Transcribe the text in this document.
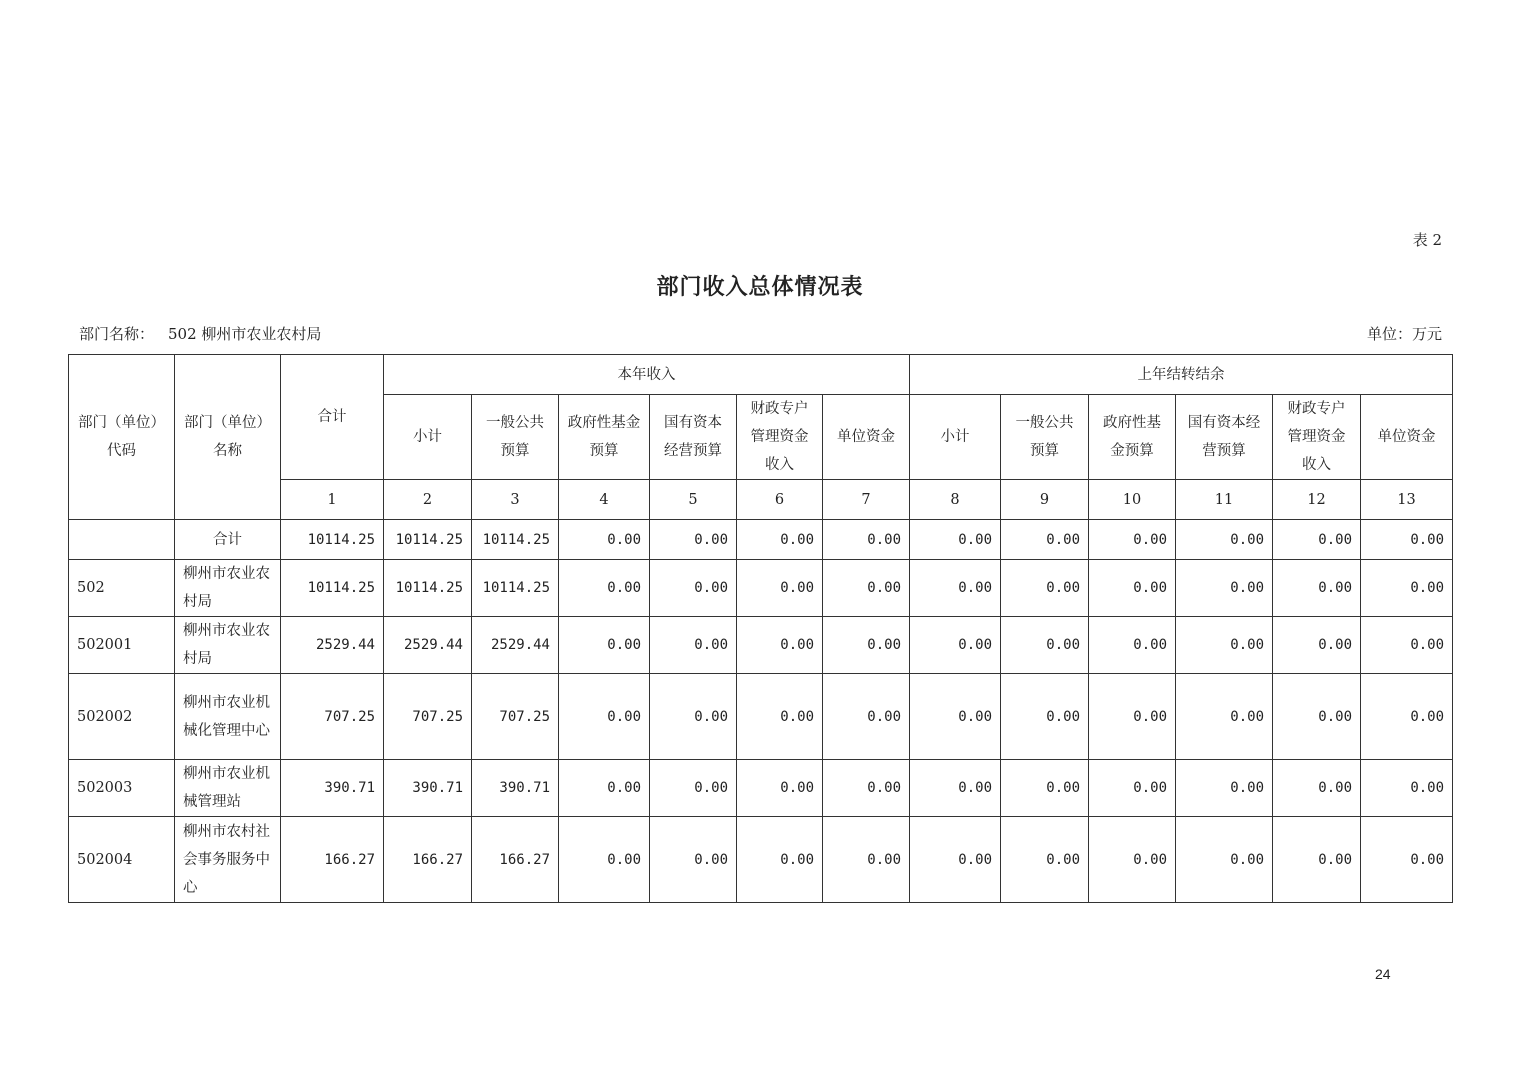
表 2
部门收入总体情况表
部门名称： 502 柳州市农业农村局	单位：万元
部门（单位）代码	部门（单位）名称	合计	本年收入						上年结转结余					
			小计	一般公共预算	政府性基金预算	国有资本经营预算	财政专户管理资金收入	单位资金	小计	一般公共预算	政府性基金预算	国有资本经营预算	财政专户管理资金收入	单位资金
		1	2	3	4	5	6	7	8	9	10	11	12	13
	合计	10114.25	10114.25	10114.25	0.00	0.00	0.00	0.00	0.00	0.00	0.00	0.00	0.00	0.00
502	柳州市农业农村局	10114.25	10114.25	10114.25	0.00	0.00	0.00	0.00	0.00	0.00	0.00	0.00	0.00	0.00
502001	柳州市农业农村局	2529.44	2529.44	2529.44	0.00	0.00	0.00	0.00	0.00	0.00	0.00	0.00	0.00	0.00
502002	柳州市农业机械化管理中心	707.25	707.25	707.25	0.00	0.00	0.00	0.00	0.00	0.00	0.00	0.00	0.00	0.00
502003	柳州市农业机械管理站	390.71	390.71	390.71	0.00	0.00	0.00	0.00	0.00	0.00	0.00	0.00	0.00	0.00
502004	柳州市农村社会事务服务中心	166.27	166.27	166.27	0.00	0.00	0.00	0.00	0.00	0.00	0.00	0.00	0.00	0.00
24
